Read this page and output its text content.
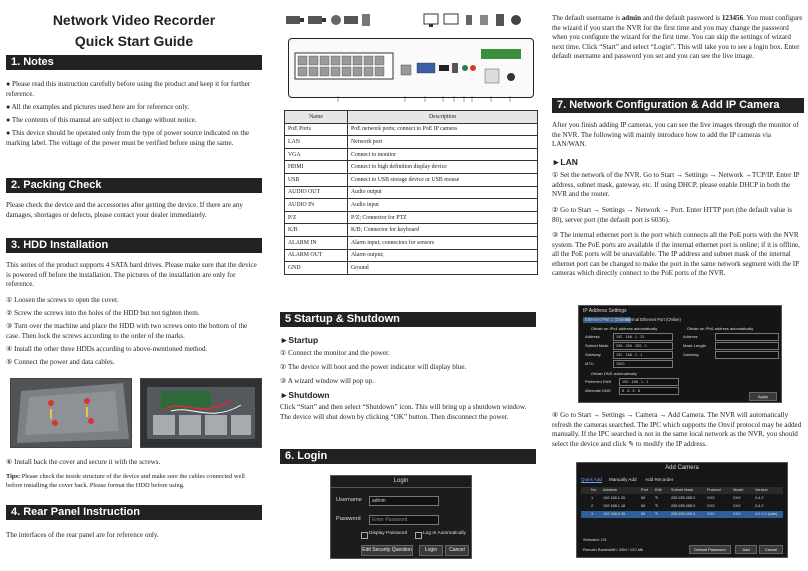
Network Video Recorder
Quick Start Guide
1. Notes
● Please read this instruction carefully before using the product and keep it for further reference.
● All the examples and pictures used here are for reference only.
● The contents of this manual are subject to change without notice.
● This device should be operated only from the type of power source indicated on the marking label. The voltage of the power must be verified before using the same.
2. Packing Check
Please check the device and the accessories after getting the device. If there are any damages, shortages or defects, please contact your dealer immediately.
3. HDD Installation
This series of the product supports 4 SATA hard drives. Please make sure that the device is powered off before the installation. The pictures of the installation are only for reference.
① Loosen the screws to open the cover.
② Screw the screws into the holes of the HDD but not tighten them.
③ Turn over the machine and place the HDD with two screws onto the bottom of the case. Then lock the screws according to the order of the marks.
④ Install the other three HDDs according to above-mentioned method.
⑤ Connect the power and data cables.
⑥ Install back the cover and secure it with the screws.
Tips: Please check the inside structure of the device and make sure the cables connected well before installing the cover back. Please format the HDD before using.
4. Rear Panel Instruction
The interfaces of the rear panel are for reference only.
Name	Description
PoE Ports	PoE network ports; connect to PoE IP camera
LAN	Network port
VGA	Connect to monitor
HDMI	Connect to high definition display device
USB	Connect to USB storage device or USB mouse
AUDIO OUT	Audio output
AUDIO IN	Audio input
P/Z	P/Z; Connector for PTZ
K/B	K/B; Connector for keyboard
ALARM IN	Alarm input; connectors for sensors
ALARM OUT	Alarm output;
GND	Ground
5 Startup & Shutdown
►Startup
① Connect the monitor and the power.
② The device will boot and the power indicator will display blue.
③ A wizard window will pop up.
►Shutdown
Click “Start” and then select “Shutdown” icon. This will bring up a shutdown window. The device will shut down by clicking “OK” button. Then disconnect the power.
6. Login
Login
Username	admin
Password	Enter Password
Display Password	Log In Automatically
Edit Security Question	Login	Cancel
The default username is admin and the default password is 123456. You must configure the wizard if you start the NVR for the first time and you may change the password when you configure the wizard for the first time. You can skip the settings of wizard next time. Click “Start” and select “Login”. This will take you to see a login box. Enter default username and password you set and you can see the live image.
7. Network Configuration & Add IP Camera
After you finish adding IP cameras, you can see the live images through the monitor of the NVR. The following will mainly introduce how to add the IP cameras via LAN/WAN.
►LAN
① Set the network of the NVR. Go to Start → Settings → Network →TCP/IP. Enter IP address, subnet mask, gateway, etc. If using DHCP, please enable DHCP in both the NVR and the router.
② Go to Start → Settings → Network → Port. Enter HTTP port (the default value is 80), server port (the default port is 6036).
③ The internal ethernet port is the port which connects all the PoE ports with the NVR system. The PoE ports are available if the internal ethernet port is online; if it is offline, all the PoE ports will be unavailable. The IP address and subnet mask of the internal ethernet port can be changed to make the port in the same network segment with the IP cameras which directly connect to the PoE ports of the NVR.
IP Address Settings
Ethernet Port 1 (Online)
Internal Ethernet Port (Online)
Obtain an IPv4 address automatically	Obtain an IPv6 address automatically
Address	192 . 168 . 1 . 21
Subnet Mask	255 . 255 . 255 . 0
Gateway	192 . 168 . 1 . 1
MTU	1500
Address
Mask Length
Gateway
Obtain DNS automatically
Preferred DNS	192 . 168 . 1 . 1
Alternate DNS	8 . 8 . 8 . 8
Apply
④ Go to Start → Settings → Camera → Add Camera. The NVR will automatically refresh the cameras searched. The IPC which supports the Onvif protocol may be added manually. If the IPC searched is not in the same local network as the NVR, you should select the device and click ✎ to modify the IP address.
Add Camera
Quick Add Manually Add Add Recorder
No. Address	Port Edit Subnet Mask	Protocol	Model	Version
1	192.168.1.20	80	✎	255.255.255.0	XXX	XXX	3.4.2
2	192.168.1.18	80	✎	255.255.255.0	XXX	XXX	3.4.2
3	192.168.2.45	80	✎	255.255.255.0	XXX	XXX	4.2.0.1 (safe)
Selected: 1/3
Remain Bandwidth: 33M / 120 Mb	Default Password	Add	Cancel
